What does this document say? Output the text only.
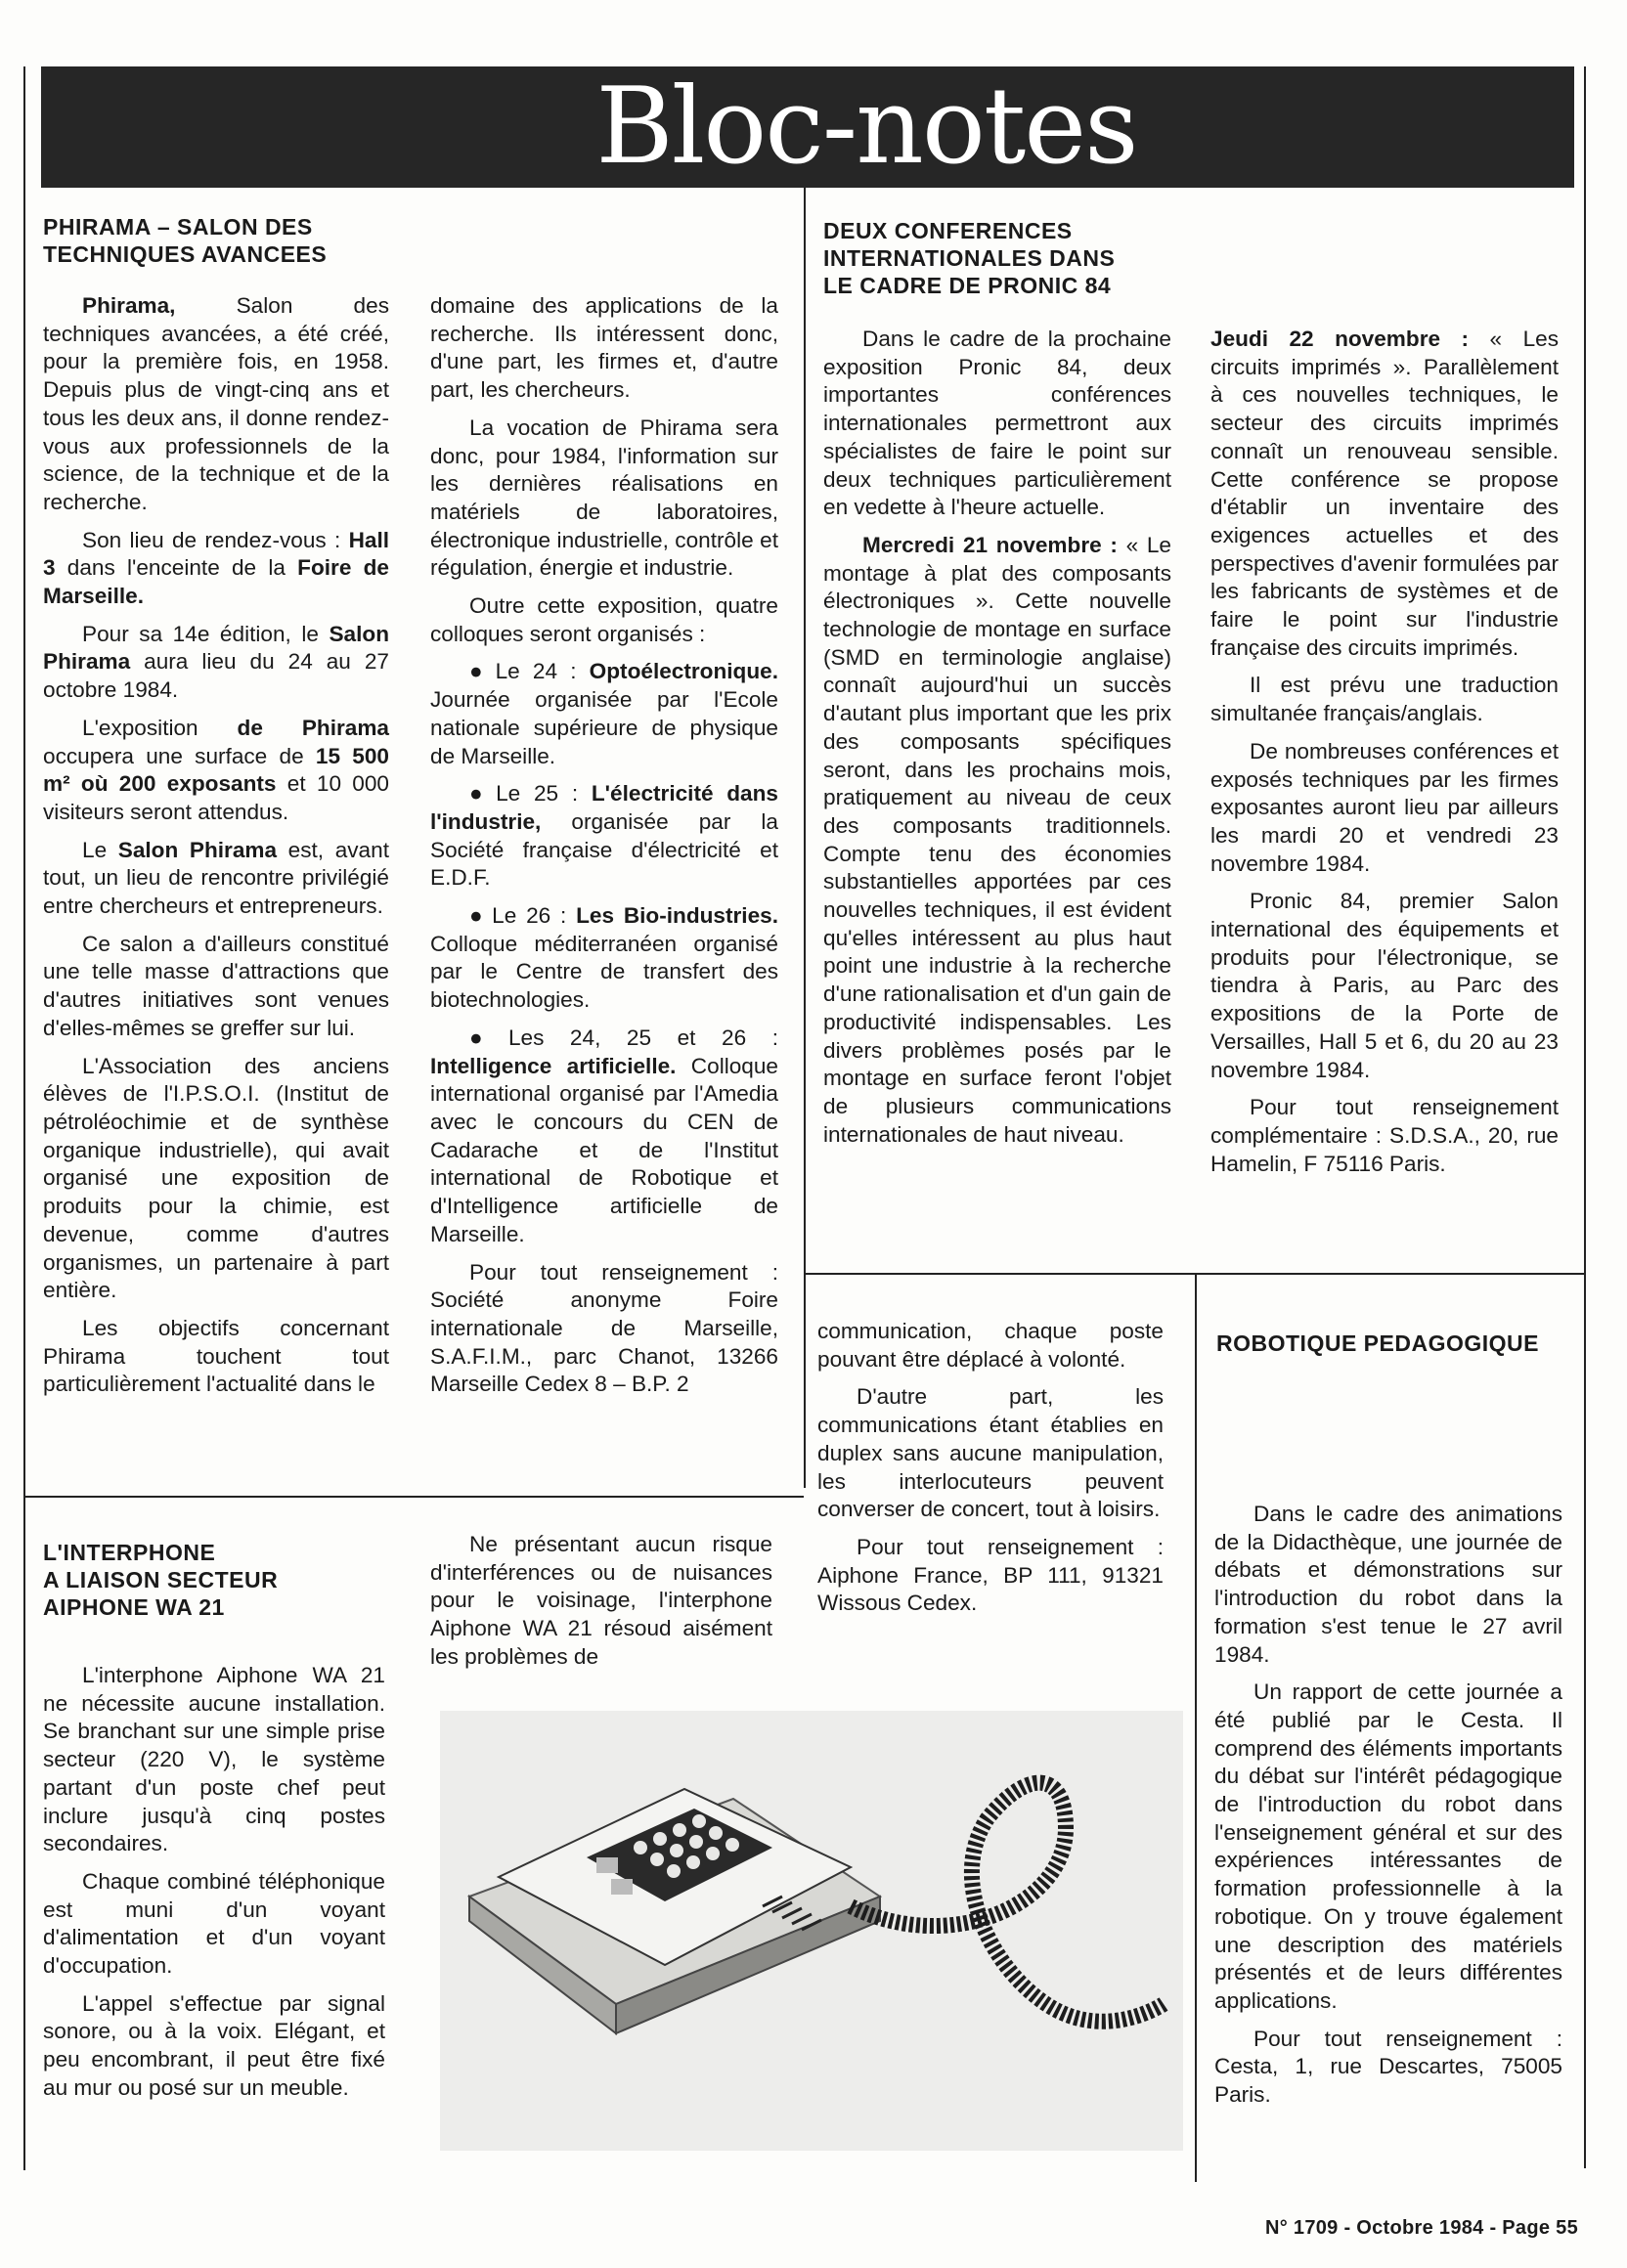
Bloc-notes
PHIRAMA – SALON DES
TECHNIQUES AVANCEES

Phirama, Salon des techniques avancées, a été créé, pour la première fois, en 1958. Depuis plus de vingt-cinq ans et tous les deux ans, il donne rendez-vous aux professionnels de la science, de la technique et de la recherche.

Son lieu de rendez-vous : Hall 3 dans l'enceinte de la Foire de Marseille.

Pour sa 14e édition, le Salon Phirama aura lieu du 24 au 27 octobre 1984.

L'exposition de Phirama occupera une surface de 15 500 m² où 200 exposants et 10 000 visiteurs seront attendus.

Le Salon Phirama est, avant tout, un lieu de rencontre privilégié entre chercheurs et entrepreneurs.

Ce salon a d'ailleurs constitué une telle masse d'attractions que d'autres initiatives sont venues d'elles-mêmes se greffer sur lui.

L'Association des anciens élèves de l'I.P.S.O.I. (Institut de pétroléochimie et de synthèse organique industrielle), qui avait organisé une exposition de produits pour la chimie, est devenue, comme d'autres organismes, un partenaire à part entière.

Les objectifs concernant Phirama touchent tout particulièrement l'actualité dans le

domaine des applications de la recherche. Ils intéressent donc, d'une part, les firmes et, d'autre part, les chercheurs.

La vocation de Phirama sera donc, pour 1984, l'information sur les dernières réalisations en matériels de laboratoires, électronique industrielle, contrôle et régulation, énergie et industrie.

Outre cette exposition, quatre colloques seront organisés :

● Le 24 : Optoélectronique. Journée organisée par l'Ecole nationale supérieure de physique de Marseille.

● Le 25 : L'électricité dans l'industrie, organisée par la Société française d'électricité et E.D.F.

● Le 26 : Les Bio-industries. Colloque méditerranéen organisé par le Centre de transfert des biotechnologies.

● Les 24, 25 et 26 : Intelligence artificielle. Colloque international organisé par l'Amedia avec le concours du CEN de Cadarache et de l'Institut international de Robotique et d'Intelligence artificielle de Marseille.

Pour tout renseignement : Société anonyme Foire internationale de Marseille, S.A.F.I.M., parc Chanot, 13266 Marseille Cedex 8 – B.P. 2

DEUX CONFERENCES
INTERNATIONALES DANS
LE CADRE DE PRONIC 84

Dans le cadre de la prochaine exposition Pronic 84, deux importantes conférences internationales permettront aux spécialistes de faire le point sur deux techniques particulièrement en vedette à l'heure actuelle.

Mercredi 21 novembre : « Le montage à plat des composants électroniques ». Cette nouvelle technologie de montage en surface (SMD en terminologie anglaise) connaît aujourd'hui un succès d'autant plus important que les prix des composants spécifiques seront, dans les prochains mois, pratiquement au niveau de ceux des composants traditionnels. Compte tenu des économies substantielles apportées par ces nouvelles techniques, il est évident qu'elles intéressent au plus haut point une industrie à la recherche d'une rationalisation et d'un gain de productivité indispensables. Les divers problèmes posés par le montage en surface feront l'objet de plusieurs communications internationales de haut niveau.

Jeudi 22 novembre : « Les circuits imprimés ». Parallèlement à ces nouvelles techniques, le secteur des circuits imprimés connaît un renouveau sensible. Cette conférence se propose d'établir un inventaire des exigences actuelles et des perspectives d'avenir formulées par les fabricants de systèmes et de faire le point sur l'industrie française des circuits imprimés.

Il est prévu une traduction simultanée français/anglais.

De nombreuses conférences et exposés techniques par les firmes exposantes auront lieu par ailleurs les mardi 20 et vendredi 23 novembre 1984.

Pronic 84, premier Salon international des équipements et produits pour l'électronique, se tiendra à Paris, au Parc des expositions de la Porte de Versailles, Hall 5 et 6, du 20 au 23 novembre 1984.

Pour tout renseignement complémentaire : S.D.S.A., 20, rue Hamelin, F 75116 Paris.

L'INTERPHONE
A LIAISON SECTEUR
AIPHONE WA 21

L'interphone Aiphone WA 21 ne nécessite aucune installation. Se branchant sur une simple prise secteur (220 V), le système partant d'un poste chef peut inclure jusqu'à cinq postes secondaires.

Chaque combiné téléphonique est muni d'un voyant d'alimentation et d'un voyant d'occupation.

L'appel s'effectue par signal sonore, ou à la voix. Elégant, et peu encombrant, il peut être fixé au mur ou posé sur un meuble.

Ne présentant aucun risque d'interférences ou de nuisances pour le voisinage, l'interphone Aiphone WA 21 résoud aisément les problèmes de

communication, chaque poste pouvant être déplacé à volonté.

D'autre part, les communications étant établies en duplex sans aucune manipulation, les interlocuteurs peuvent converser de concert, tout à loisirs.

Pour tout renseignement : Aiphone France, BP 111, 91321 Wissous Cedex.

ROBOTIQUE PEDAGOGIQUE

Dans le cadre des animations de la Didacthèque, une journée de débats et démonstrations sur l'introduction du robot dans la formation s'est tenue le 27 avril 1984.

Un rapport de cette journée a été publié par le Cesta. Il comprend des éléments importants du débat sur l'intérêt pédagogique de l'introduction du robot dans l'enseignement général et sur des expériences intéressantes de formation professionnelle à la robotique. On y trouve également une description des matériels présentés et de leurs différentes applications.

Pour tout renseignement : Cesta, 1, rue Descartes, 75005 Paris.

N° 1709 - Octobre 1984 - Page 55
